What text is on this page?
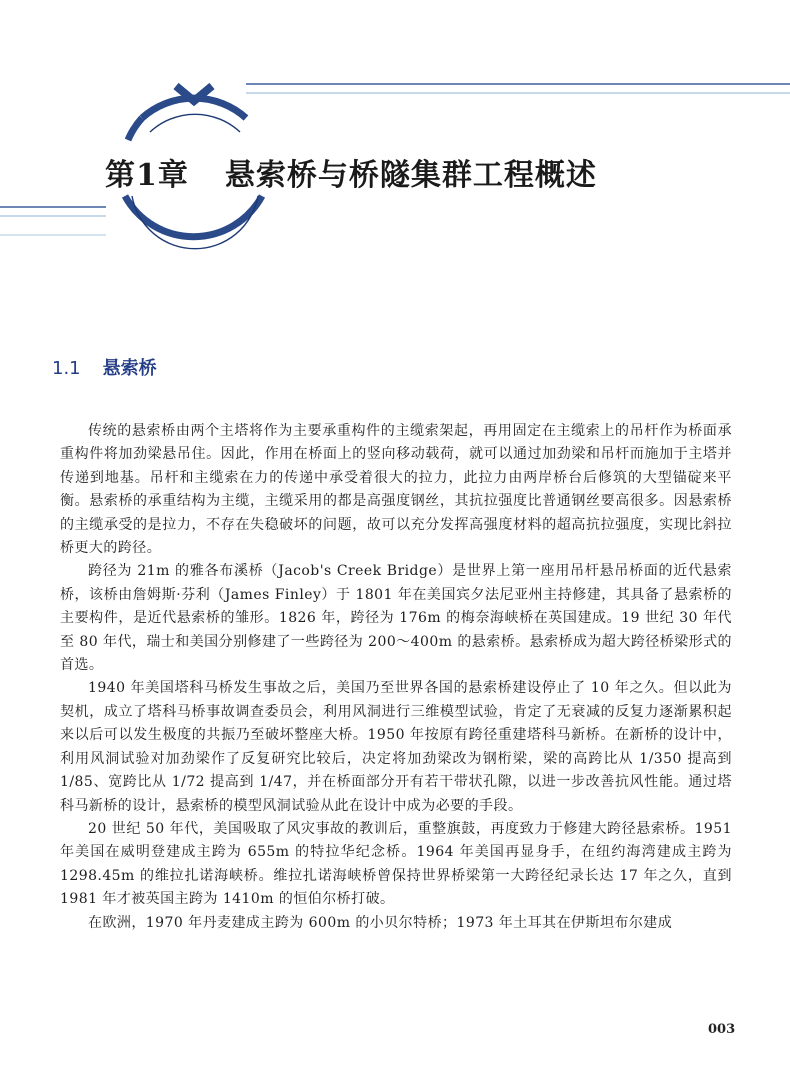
第1章 悬索桥与桥隧集群工程概述
1.1 悬索桥

传统的悬索桥由两个主塔将作为主要承重构件的主缆索架起，再用固定在主缆索上的吊杆作为桥面承重构件将加劲梁悬吊住。因此，作用在桥面上的竖向移动载荷，就可以通过加劲梁和吊杆而施加于主塔并传递到地基。吊杆和主缆索在力的传递中承受着很大的拉力，此拉力由两岸桥台后修筑的大型锚碇来平衡。悬索桥的承重结构为主缆，主缆采用的都是高强度钢丝，其抗拉强度比普通钢丝要高很多。因悬索桥的主缆承受的是拉力，不存在失稳破坏的问题，故可以充分发挥高强度材料的超高抗拉强度，实现比斜拉桥更大的跨径。

跨径为 21m 的雅各布溪桥（Jacob's Creek Bridge）是世界上第一座用吊杆悬吊桥面的近代悬索桥，该桥由詹姆斯·芬利（James Finley）于 1801 年在美国宾夕法尼亚州主持修建，其具备了悬索桥的主要构件，是近代悬索桥的雏形。1826 年，跨径为 176m 的梅奈海峡桥在英国建成。19 世纪 30 年代至 80 年代，瑞士和美国分别修建了一些跨径为 200～400m 的悬索桥。悬索桥成为超大跨径桥梁形式的首选。

1940 年美国塔科马桥发生事故之后，美国乃至世界各国的悬索桥建设停止了 10 年之久。但以此为契机，成立了塔科马桥事故调查委员会，利用风洞进行三维模型试验，肯定了无衰减的反复力逐渐累积起来以后可以发生极度的共振乃至破坏整座大桥。1950 年按原有跨径重建塔科马新桥。在新桥的设计中，利用风洞试验对加劲梁作了反复研究比较后，决定将加劲梁改为钢桁梁，梁的高跨比从 1/350 提高到 1/85、宽跨比从 1/72 提高到 1/47，并在桥面部分开有若干带状孔隙，以进一步改善抗风性能。通过塔科马新桥的设计，悬索桥的模型风洞试验从此在设计中成为必要的手段。

20 世纪 50 年代，美国吸取了风灾事故的教训后，重整旗鼓，再度致力于修建大跨径悬索桥。1951 年美国在威明登建成主跨为 655m 的特拉华纪念桥。1964 年美国再显身手，在纽约海湾建成主跨为 1298.45m 的维拉扎诺海峡桥。维拉扎诺海峡桥曾保持世界桥梁第一大跨径纪录长达 17 年之久，直到 1981 年才被英国主跨为 1410m 的恒伯尔桥打破。

在欧洲，1970 年丹麦建成主跨为 600m 的小贝尔特桥；1973 年土耳其在伊斯坦布尔建成

003
